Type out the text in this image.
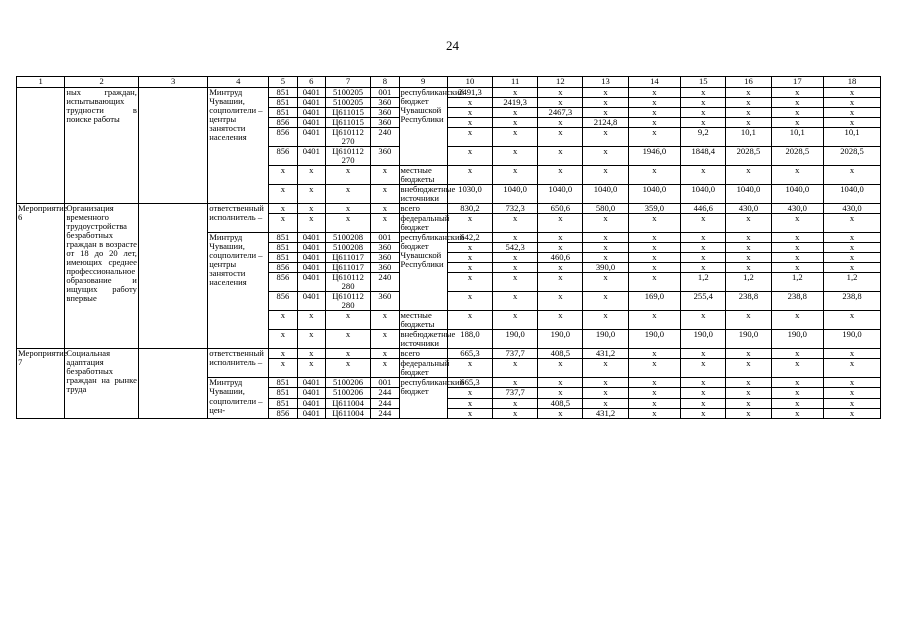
24
1	2	3	4	5	6	7	8	9	10	11	12	13	14	15	16	17	18
	ных граждан, испытывающих трудности в поиске работы		Минтруд Чувашии, соцполители – центры занятости населения	851	0401	5100205	001	республиканский бюджет Чувашской Республики	2491,3	x	x	x	x	x	x	x	x
				851	0401	5100205	360		x	2419,3	x	x	x	x	x	x	x
				851	0401	Ц611015	360		x	x	2467,3	x	x	x	x	x	x
				856	0401	Ц611015	360		x	x	x	2124,8	x	x	x	x	x
				856	0401	Ц610112 270	240		x	x	x	x	x	9,2	10,1	10,1	10,1
				856	0401	Ц610112 270	360		x	x	x	x	1946,0	1848,4	2028,5	2028,5	2028,5
				x	x	x	x	местные бюджеты	x	x	x	x	x	x	x	x	x
				x	x	x	x	внебюджетные источники	1030,0	1040,0	1040,0	1040,0	1040,0	1040,0	1040,0	1040,0	1040,0
Мероприятие 6	Организация временного трудоустройства безработных граждан в возрасте от 18 до 20 лет, имеющих среднее профессиональное образование и ищущих работу впервые		ответственный исполнитель –	x	x	x	x	всего	830,2	732,3	650,6	580,0	359,0	446,6	430,0	430,0	430,0
				x	x	x	x	федеральный бюджет	x	x	x	x	x	x	x	x	x
			Минтруд Чувашии, соцполители – центры занятости населения	851	0401	5100208	001	республиканский бюджет Чувашской Республики	642,2	x	x	x	x	x	x	x	x
				851	0401	5100208	360		x	542,3	x	x	x	x	x	x	x
				851	0401	Ц611017	360		x	x	460,6	x	x	x	x	x	x
				856	0401	Ц611017	360		x	x	x	390,0	x	x	x	x	x
				856	0401	Ц610112 280	240		x	x	x	x	x	1,2	1,2	1,2	1,2
				856	0401	Ц610112 280	360		x	x	x	x	169,0	255,4	238,8	238,8	238,8
				x	x	x	x	местные бюджеты	x	x	x	x	x	x	x	x	x
				x	x	x	x	внебюджетные источники	188,0	190,0	190,0	190,0	190,0	190,0	190,0	190,0	190,0
Мероприятие 7	Социальная адаптация безработных граждан на рынке труда		ответственный исполнитель –	x	x	x	x	всего	665,3	737,7	408,5	431,2	x	x	x	x	x
				x	x	x	x	федеральный бюджет	x	x	x	x	x	x	x	x	x
			Минтруд Чувашии, соцполители – цен-	851	0401	5100206	001	республиканский бюджет	665,3	x	x	x	x	x	x	x	x
				851	0401	5100206	244		x	737,7	x	x	x	x	x	x	x
				851	0401	Ц611004	244		x	x	408,5	x	x	x	x	x	x
				856	0401	Ц611004	244		x	x	x	431,2	x	x	x	x	x
